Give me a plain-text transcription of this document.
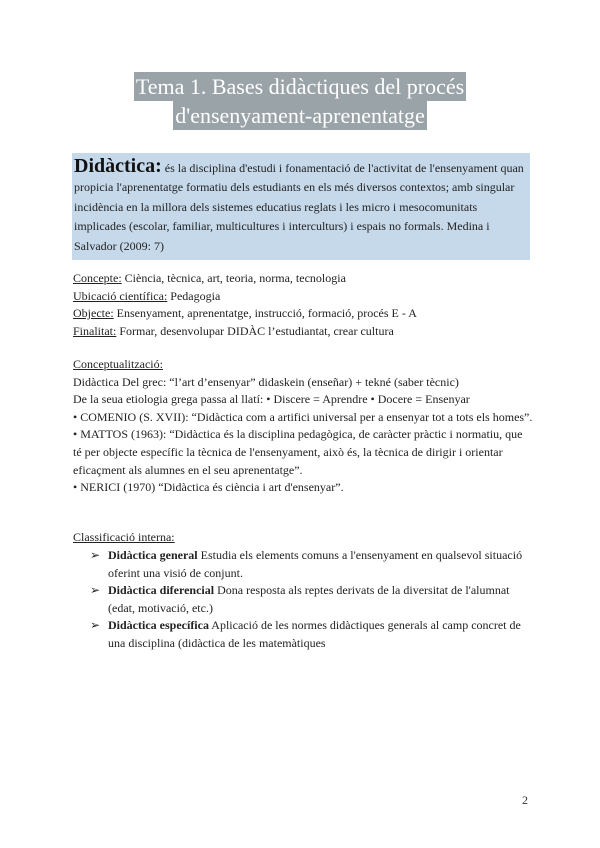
Tema 1. Bases didàctiques del procés
d'ensenyament-aprenentatge
Didàctica: és la disciplina d'estudi i fonamentació de l'activitat de l'ensenyament quan propicia l'aprenentatge formatiu dels estudiants en els més diversos contextos; amb singular incidència en la millora dels sistemes educatius reglats i les micro i mesocomunitats implicades (escolar, familiar, multicultures i interculturs) i espais no formals. Medina i Salvador (2009: 7)
Concepte: Ciència, tècnica, art, teoria, norma, tecnologia
Ubicació científica: Pedagogia
Objecte: Ensenyament, aprenentatge, instrucció, formació, procés E - A
Finalitat: Formar, desenvolupar DIDÀC l’estudiantat, crear cultura
Conceptualització:
Didàctica Del grec: “l’art d’ensenyar” didaskein (enseñar) + tekné (saber tècnic)
De la seua etiologia grega passa al llatí: • Discere = Aprendre • Docere = Ensenyar
• COMENIO (S. XVII): “Didàctica com a artifici universal per a ensenyar tot a tots els homes”.
• MATTOS (1963): “Didàctica és la disciplina pedagògica, de caràcter pràctic i normatiu, que té per objecte específic la tècnica de l'ensenyament, això és, la tècnica de dirigir i orientar eficaçment als alumnes en el seu aprenentatge”.
• NERICI (1970) “Didàctica és ciència i art d'ensenyar”.
Classificació interna:
➢ Didàctica general Estudia els elements comuns a l'ensenyament en qualsevol situació oferint una visió de conjunt.
➢ Didàctica diferencial Dona resposta als reptes derivats de la diversitat de l'alumnat (edat, motivació, etc.)
➢ Didàctica específica Aplicació de les normes didàctiques generals al camp concret de una disciplina (didàctica de les matemàtiques
2
